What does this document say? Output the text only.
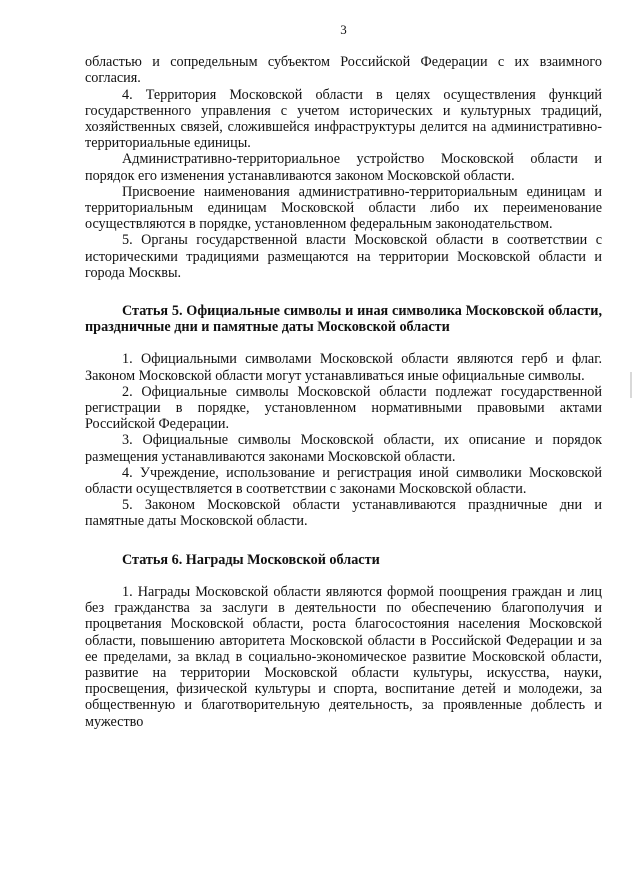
3

областью и сопредельным субъектом Российской Федерации с их взаимного согласия.

4. Территория Московской области в целях осуществления функций государственного управления с учетом исторических и культурных традиций, хозяйственных связей, сложившейся инфраструктуры делится на административно-территориальные единицы.

Административно-территориальное устройство Московской области и порядок его изменения устанавливаются законом Московской области.

Присвоение наименования административно-территориальным единицам и территориальным единицам Московской области либо их переименование осуществляются в порядке, установленном федеральным законодательством.

5. Органы государственной власти Московской области в соответствии с историческими традициями размещаются на территории Московской области и города Москвы.

Статья 5. Официальные символы и иная символика Московской области, праздничные дни и памятные даты Московской области

1. Официальными символами Московской области являются герб и флаг. Законом Московской области могут устанавливаться иные официальные символы.

2. Официальные символы Московской области подлежат государственной регистрации в порядке, установленном нормативными правовыми актами Российской Федерации.

3. Официальные символы Московской области, их описание и порядок размещения устанавливаются законами Московской области.

4. Учреждение, использование и регистрация иной символики Московской области осуществляется в соответствии с законами Московской области.

5. Законом Московской области устанавливаются праздничные дни и памятные даты Московской области.

Статья 6. Награды Московской области

1. Награды Московской области являются формой поощрения граждан и лиц без гражданства за заслуги в деятельности по обеспечению благополучия и процветания Московской области, роста благосостояния населения Московской области, повышению авторитета Московской области в Российской Федерации и за ее пределами, за вклад в социально-экономическое развитие Московской области, развитие на территории Московской области культуры, искусства, науки, просвещения, физической культуры и спорта, воспитание детей и молодежи, за общественную и благотворительную деятельность, за проявленные доблесть и мужество
